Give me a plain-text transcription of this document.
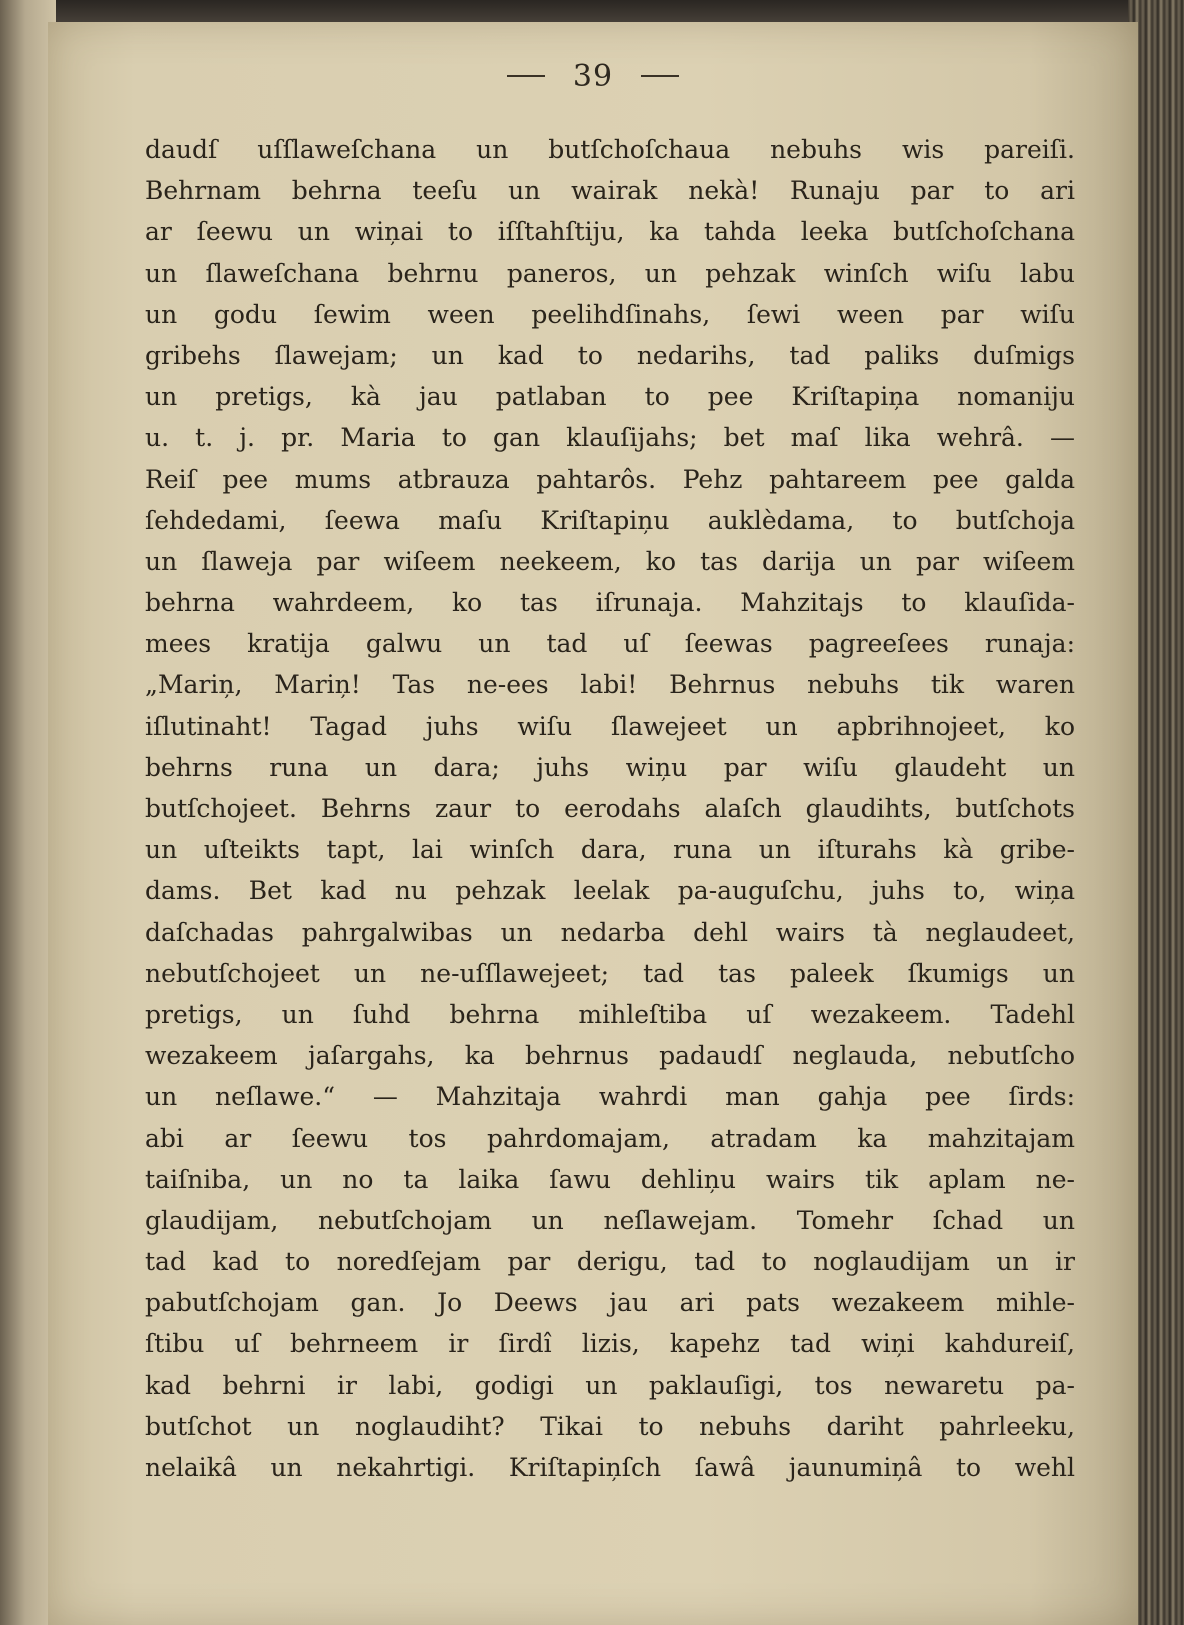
39
daudſ uſſlaweſchana un butſchoſchaua nebuhs wis pareiſi.
Behrnam behrna teeſu un wairak nekà! Runaju par to ari
ar ſeewu un wiņai to iſſtahſtiju, ka tahda leeka butſchoſchana
un ſlaweſchana behrnu paneros, un pehzak winſch wiſu labu
un godu ſewim ween peelihdſinahs, ſewi ween par wiſu
gribehs ſlawejam; un kad to nedarihs, tad paliks duſmigs
un pretigs, kà jau patlaban to pee Kriſtapiņa nomaniju
u. t. j. pr. Maria to gan klauſijahs; bet maſ lika wehrâ. —
Reiſ pee mums atbrauza pahtarôs. Pehz pahtareem pee galda
ſehdedami, ſeewa maſu Kriſtapiņu auklèdama, to butſchoja
un ſlaweja par wiſeem neekeem, ko tas darija un par wiſeem
behrna wahrdeem, ko tas iſrunaja. Mahzitajs to klauſida-
mees kratija galwu un tad uſ ſeewas pagreeſees runaja:
„Mariņ, Mariņ! Tas ne-ees labi! Behrnus nebuhs tik waren
iſlutinaht! Tagad juhs wiſu ſlawejeet un apbrihnojeet, ko
behrns runa un dara; juhs wiņu par wiſu glaudeht un
butſchojeet. Behrns zaur to eerodahs alaſch glaudihts, butſchots
un uſteikts tapt, lai winſch dara, runa un iſturahs kà gribe-
dams. Bet kad nu pehzak leelak pa-auguſchu, juhs to, wiņa
daſchadas pahrgalwibas un nedarba dehl wairs tà neglaudeet,
nebutſchojeet un ne-uſſlawejeet; tad tas paleek ſkumigs un
pretigs, un ſuhd behrna mihleſtiba uſ wezakeem. Tadehl
wezakeem jaſargahs, ka behrnus padaudſ neglauda, nebutſcho
un neſlawe.“ — Mahzitaja wahrdi man gahja pee ſirds:
abi ar ſeewu tos pahrdomajam, atradam ka mahzitajam
taiſniba, un no ta laika ſawu dehliņu wairs tik aplam ne-
glaudijam, nebutſchojam un neſlawejam. Tomehr ſchad un
tad kad to noredſejam par derigu, tad to noglaudijam un ir
pabutſchojam gan. Jo Deews jau ari pats wezakeem mihle-
ſtibu uſ behrneem ir ſirdî lizis, kapehz tad wiņi kahdureiſ,
kad behrni ir labi, godigi un paklauſigi, tos newaretu pa-
butſchot un noglaudiht? Tikai to nebuhs dariht pahrleeku,
nelaikâ un nekahrtigi. Kriſtapiņſch ſawâ jaunumiņâ to wehl
